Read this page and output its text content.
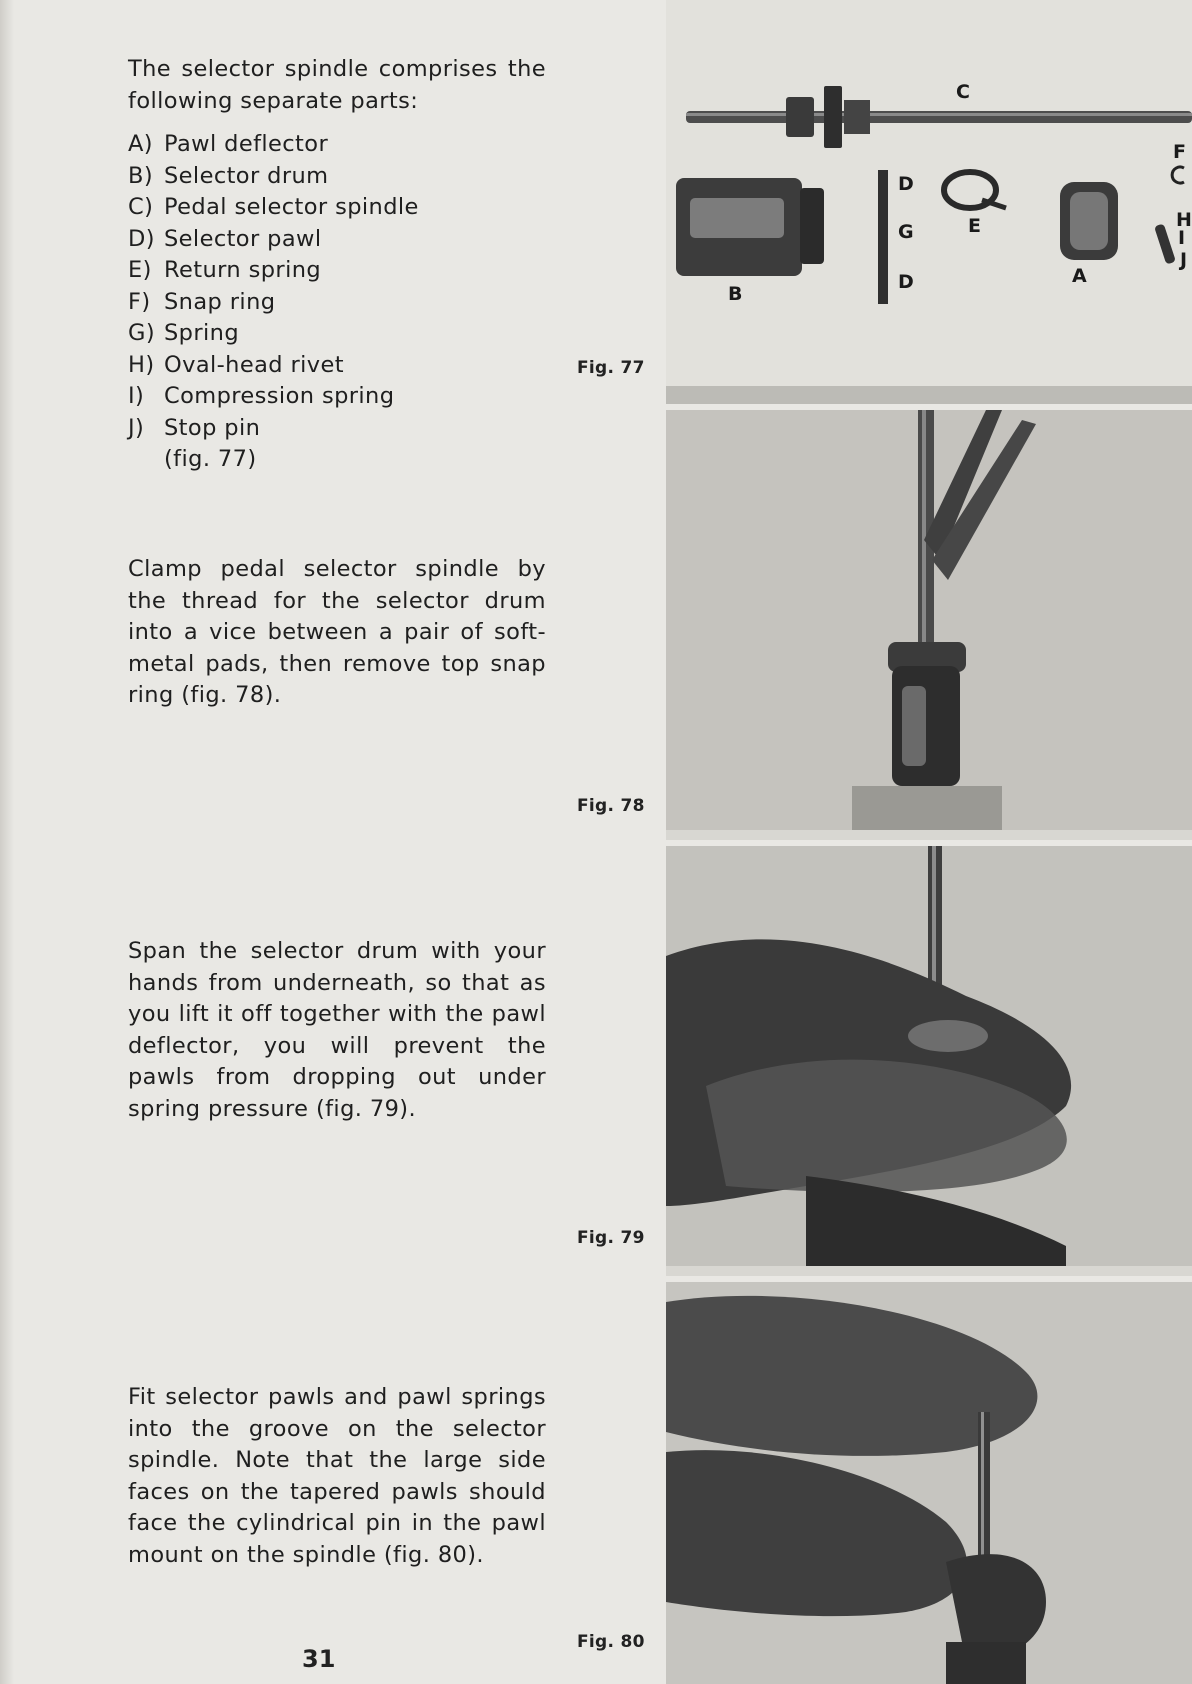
The selector spindle comprises the following separate parts:
A) Pawl deflector
B) Selector drum
C) Pedal selector spindle
D) Selector pawl
E) Return spring
F) Snap ring
G) Spring
H) Oval-head rivet
I) Compression spring
J) Stop pin
(fig. 77)
Clamp pedal selector spindle by the thread for the selector drum into a vice between a pair of soft-metal pads, then remove top snap ring (fig. 78).
Span the selector drum with your hands from underneath, so that as you lift it off together with the pawl deflector, you will prevent the pawls from dropping out under spring pressure (fig. 79).
Fit selector pawls and pawl springs into the groove on the selector spindle. Note that the large side faces on the tapered pawls should face the cylindrical pin in the pawl mount on the spindle (fig. 80).
Fig. 77
Fig. 78
Fig. 79
Fig. 80
C
B
D
G
D
E
A
F
H
I
J
31
